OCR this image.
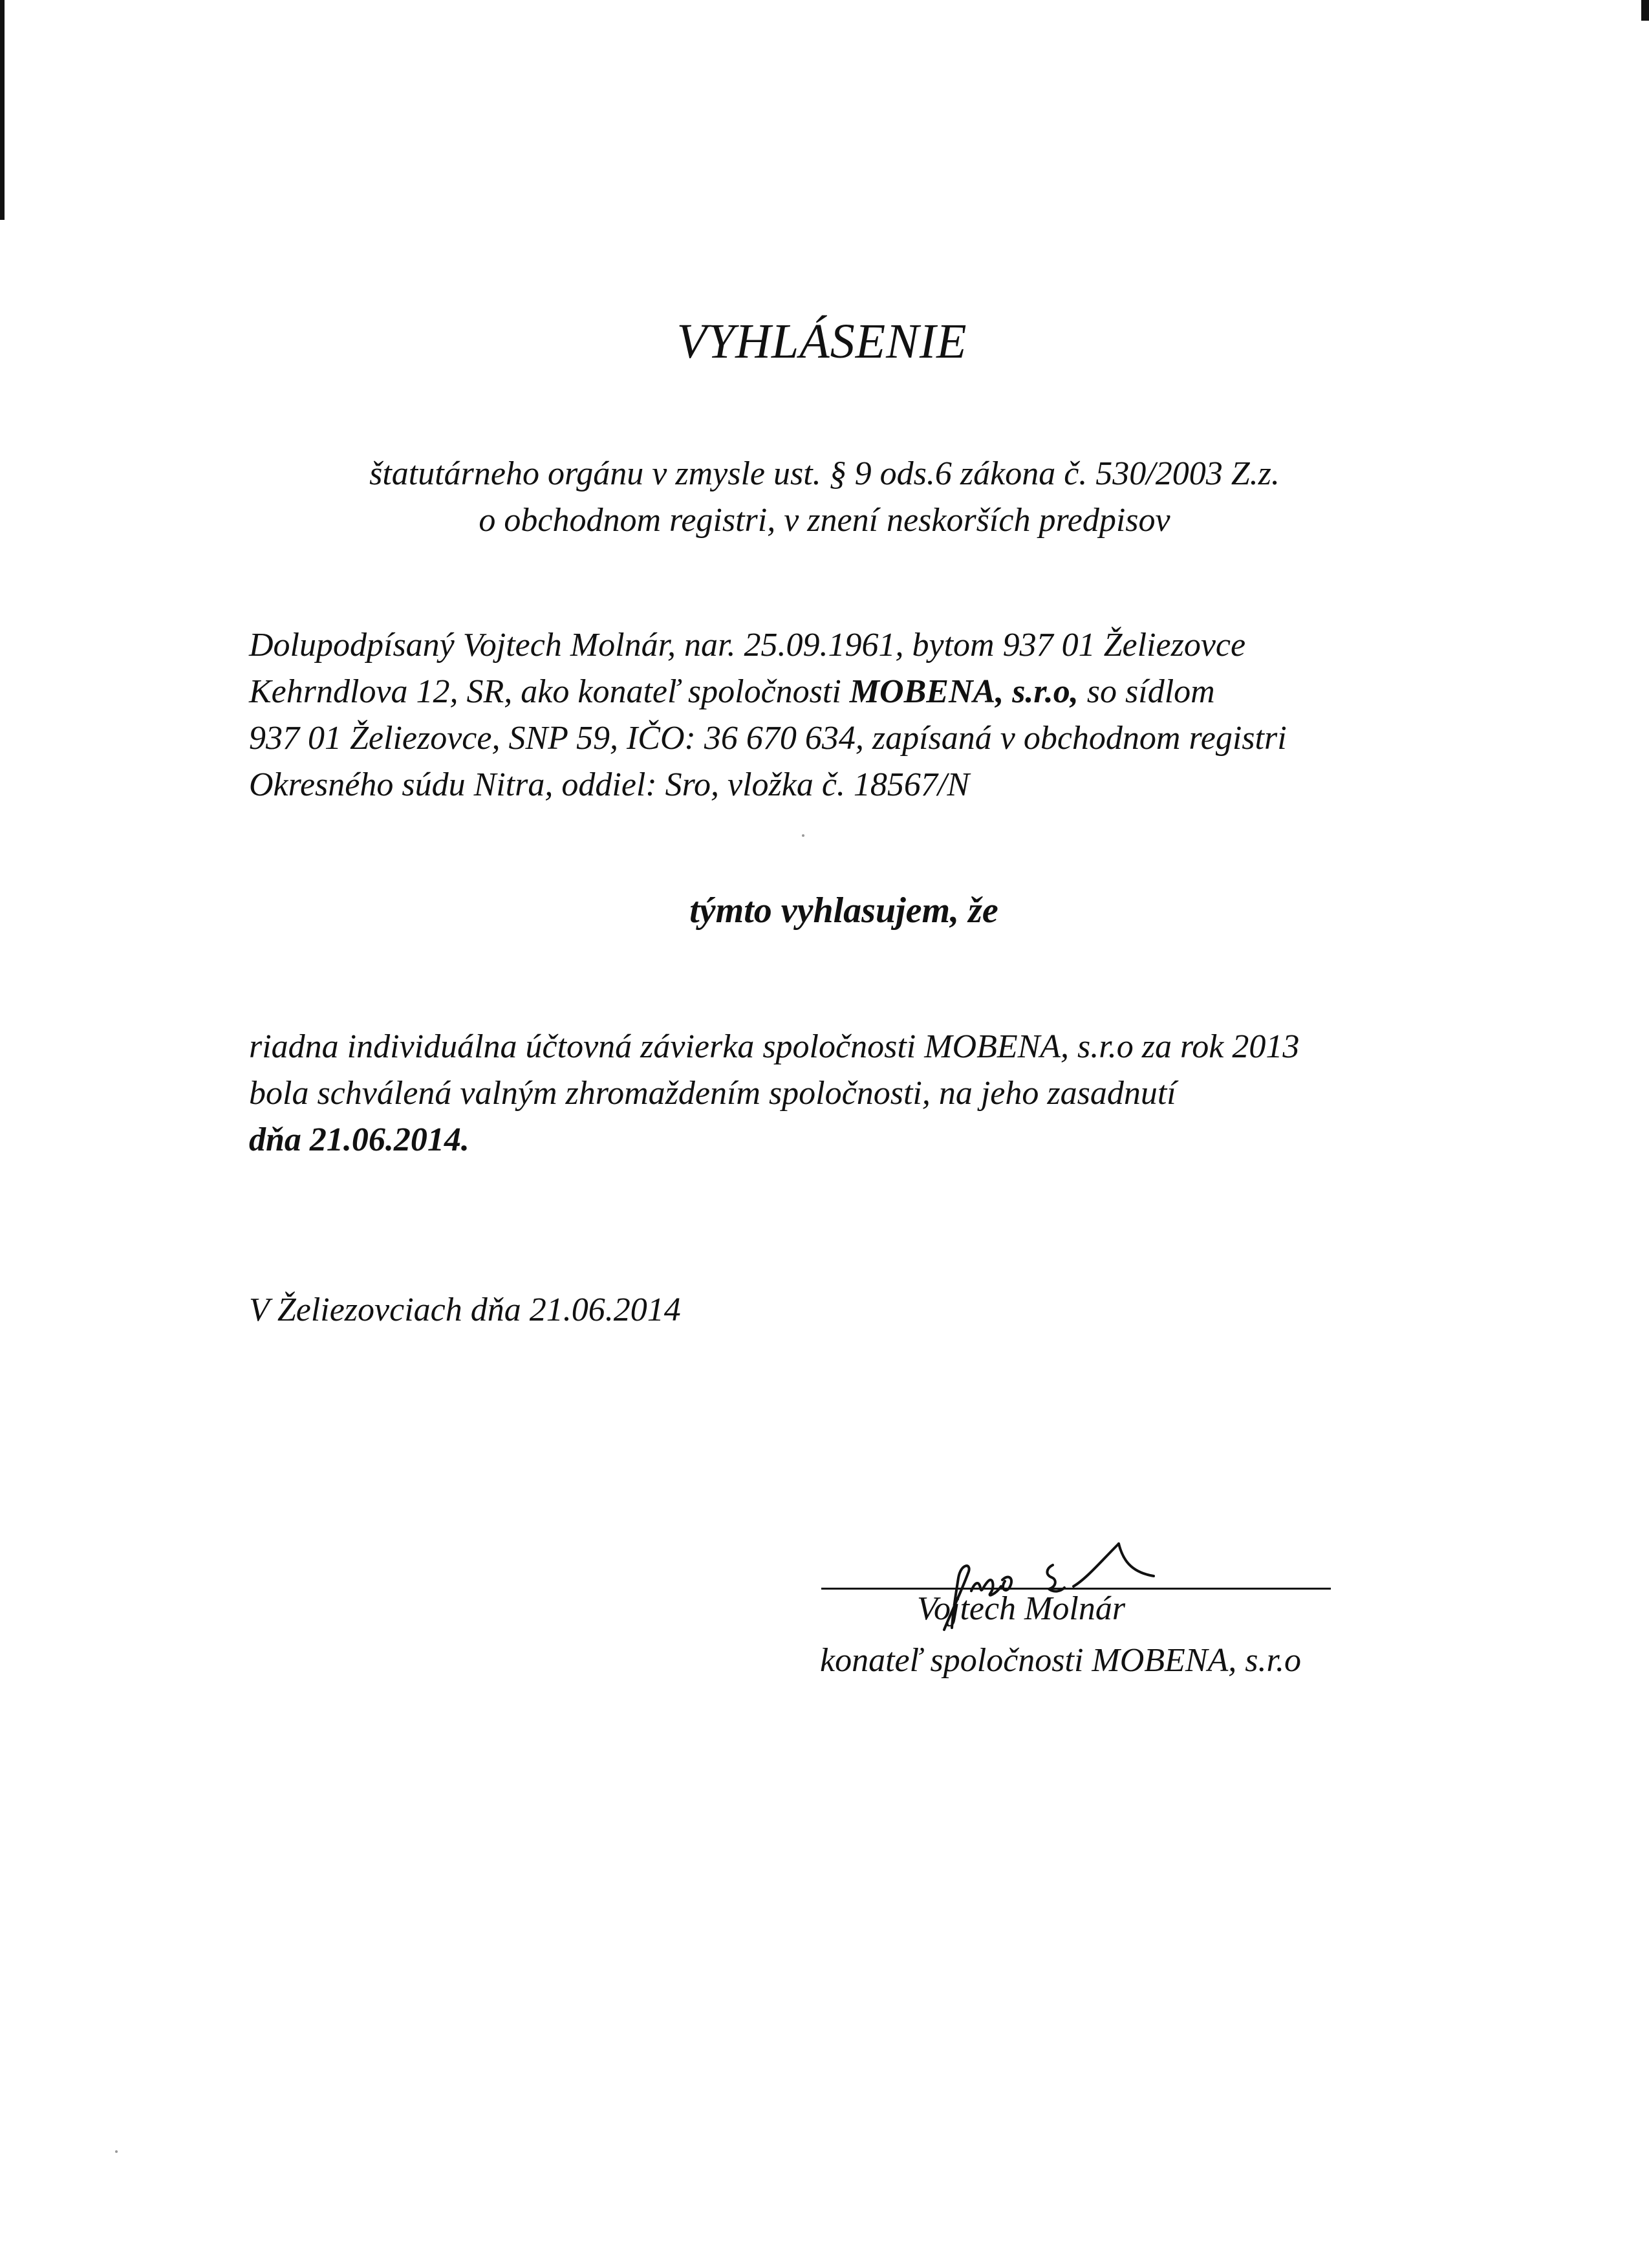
VYHLÁSENIE
štatutárneho orgánu v zmysle ust. § 9 ods.6 zákona č. 530/2003 Z.z.
o obchodnom registri, v znení neskorších predpisov
Dolupodpísaný Vojtech Molnár, nar. 25.09.1961, bytom 937 01 Želiezovce
Kehrndlova 12, SR, ako konateľ spoločnosti MOBENA, s.r.o, so sídlom
937 01 Želiezovce, SNP 59, IČO: 36 670 634, zapísaná v obchodnom registri
Okresného súdu Nitra, oddiel: Sro, vložka č. 18567/N
týmto vyhlasujem, že
riadna individuálna účtovná závierka spoločnosti MOBENA, s.r.o za rok 2013
bola schválená valným zhromaždením spoločnosti, na jeho zasadnutí
dňa 21.06.2014.
V Želiezovciach dňa 21.06.2014
Vojtech Molnár
konateľ spoločnosti MOBENA, s.r.o
